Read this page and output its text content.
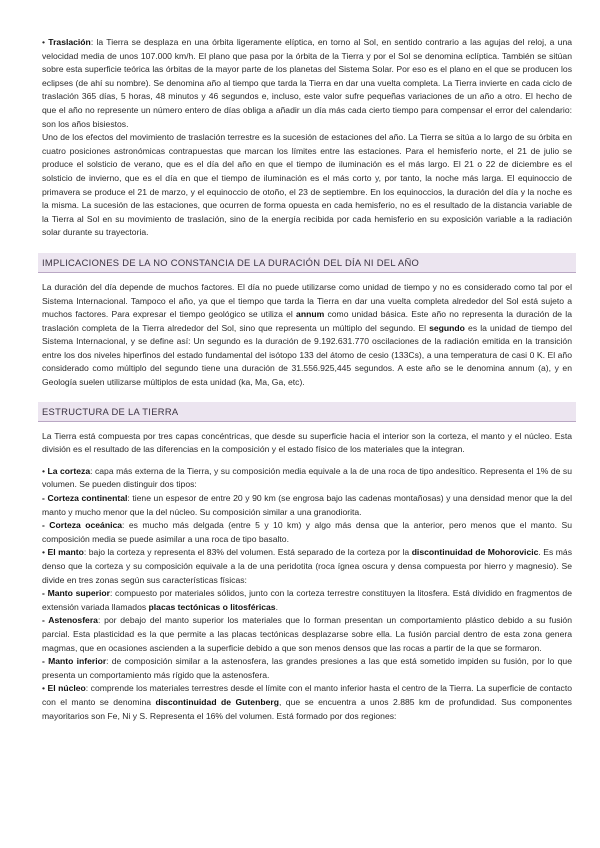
• Traslación: la Tierra se desplaza en una órbita ligeramente elíptica, en torno al Sol, en sentido contrario a las agujas del reloj, a una velocidad media de unos 107.000 km/h. El plano que pasa por la órbita de la Tierra y por el Sol se denomina eclíptica. También se sitúan sobre esta superficie teórica las órbitas de la mayor parte de los planetas del Sistema Solar. Por eso es el plano en el que se producen los eclipses (de ahí su nombre). Se denomina año al tiempo que tarda la Tierra en dar una vuelta completa. La Tierra invierte en cada ciclo de traslación 365 días, 5 horas, 48 minutos y 46 segundos e, incluso, este valor sufre pequeñas variaciones de un año a otro. El hecho de que el año no represente un número entero de días obliga a añadir un día más cada cierto tiempo para compensar el error del calendario: son los años bisiestos.

Uno de los efectos del movimiento de traslación terrestre es la sucesión de estaciones del año. La Tierra se sitúa a lo largo de su órbita en cuatro posiciones astronómicas contrapuestas que marcan los límites entre las estaciones. Para el hemisferio norte, el 21 de julio se produce el solsticio de verano, que es el día del año en que el tiempo de iluminación es el más largo. El 21 o 22 de diciembre es el solsticio de invierno, que es el día en que el tiempo de iluminación es el más corto y, por tanto, la noche más larga. El equinoccio de primavera se produce el 21 de marzo, y el equinoccio de otoño, el 23 de septiembre. En los equinoccios, la duración del día y la noche es la misma. La sucesión de las estaciones, que ocurren de forma opuesta en cada hemisferio, no es el resultado de la distancia variable de la Tierra al Sol en su movimiento de traslación, sino de la energía recibida por cada hemisferio en su exposición variable a la radiación solar durante su trayectoria.

IMPLICACIONES DE LA NO CONSTANCIA DE LA DURACIÓN DEL DÍA NI DEL AÑO

La duración del día depende de muchos factores. El día no puede utilizarse como unidad de tiempo y no es considerado como tal por el Sistema Internacional. Tampoco el año, ya que el tiempo que tarda la Tierra en dar una vuelta completa alrededor del Sol está sujeto a muchos factores. Para expresar el tiempo geológico se utiliza el annum como unidad básica. Este año no representa la duración de la traslación completa de la Tierra alrededor del Sol, sino que representa un múltiplo del segundo. El segundo es la unidad de tiempo del Sistema Internacional, y se define así: Un segundo es la duración de 9.192.631.770 oscilaciones de la radiación emitida en la transición entre los dos niveles hiperfinos del estado fundamental del isótopo 133 del átomo de cesio (133Cs), a una temperatura de casi 0 K. El año considerado como múltiplo del segundo tiene una duración de 31.556.925,445 segundos. A este año se le denomina annum (a), y en Geología suelen utilizarse múltiplos de esta unidad (ka, Ma, Ga, etc).

ESTRUCTURA DE LA TIERRA

La Tierra está compuesta por tres capas concéntricas, que desde su superficie hacia el interior son la corteza, el manto y el núcleo. Esta división es el resultado de las diferencias en la composición y el estado físico de los materiales que la integran.

• La corteza: capa más externa de la Tierra, y su composición media equivale a la de una roca de tipo andesítico. Representa el 1% de su volumen. Se pueden distinguir dos tipos:

- Corteza continental: tiene un espesor de entre 20 y 90 km (se engrosa bajo las cadenas montañosas) y una densidad menor que la del manto y mucho menor que la del núcleo. Su composición similar a una granodiorita.

- Corteza oceánica: es mucho más delgada (entre 5 y 10 km) y algo más densa que la anterior, pero menos que el manto. Su composición media se puede asimilar a una roca de tipo basalto.

• El manto: bajo la corteza y representa el 83% del volumen. Está separado de la corteza por la discontinuidad de Mohorovicic. Es más denso que la corteza y su composición equivale a la de una peridotita (roca ígnea oscura y densa compuesta por hierro y magnesio). Se divide en tres zonas según sus características físicas:

- Manto superior: compuesto por materiales sólidos, junto con la corteza terrestre constituyen la litosfera. Está dividido en fragmentos de extensión variada llamados placas tectónicas o litosféricas.

- Astenosfera: por debajo del manto superior los materiales que lo forman presentan un comportamiento plástico debido a su fusión parcial. Esta plasticidad es la que permite a las placas tectónicas desplazarse sobre ella. La fusión parcial dentro de esta zona genera magmas, que en ocasiones ascienden a la superficie debido a que son menos densos que las rocas a partir de la que se formaron.

- Manto inferior: de composición similar a la astenosfera, las grandes presiones a las que está sometido impiden su fusión, por lo que presenta un comportamiento más rígido que la astenosfera.

• El núcleo: comprende los materiales terrestres desde el límite con el manto inferior hasta el centro de la Tierra. La superficie de contacto con el manto se denomina discontinuidad de Gutenberg, que se encuentra a unos 2.885 km de profundidad. Sus componentes mayoritarios son Fe, Ni y S. Representa el 16% del volumen. Está formado por dos regiones:
